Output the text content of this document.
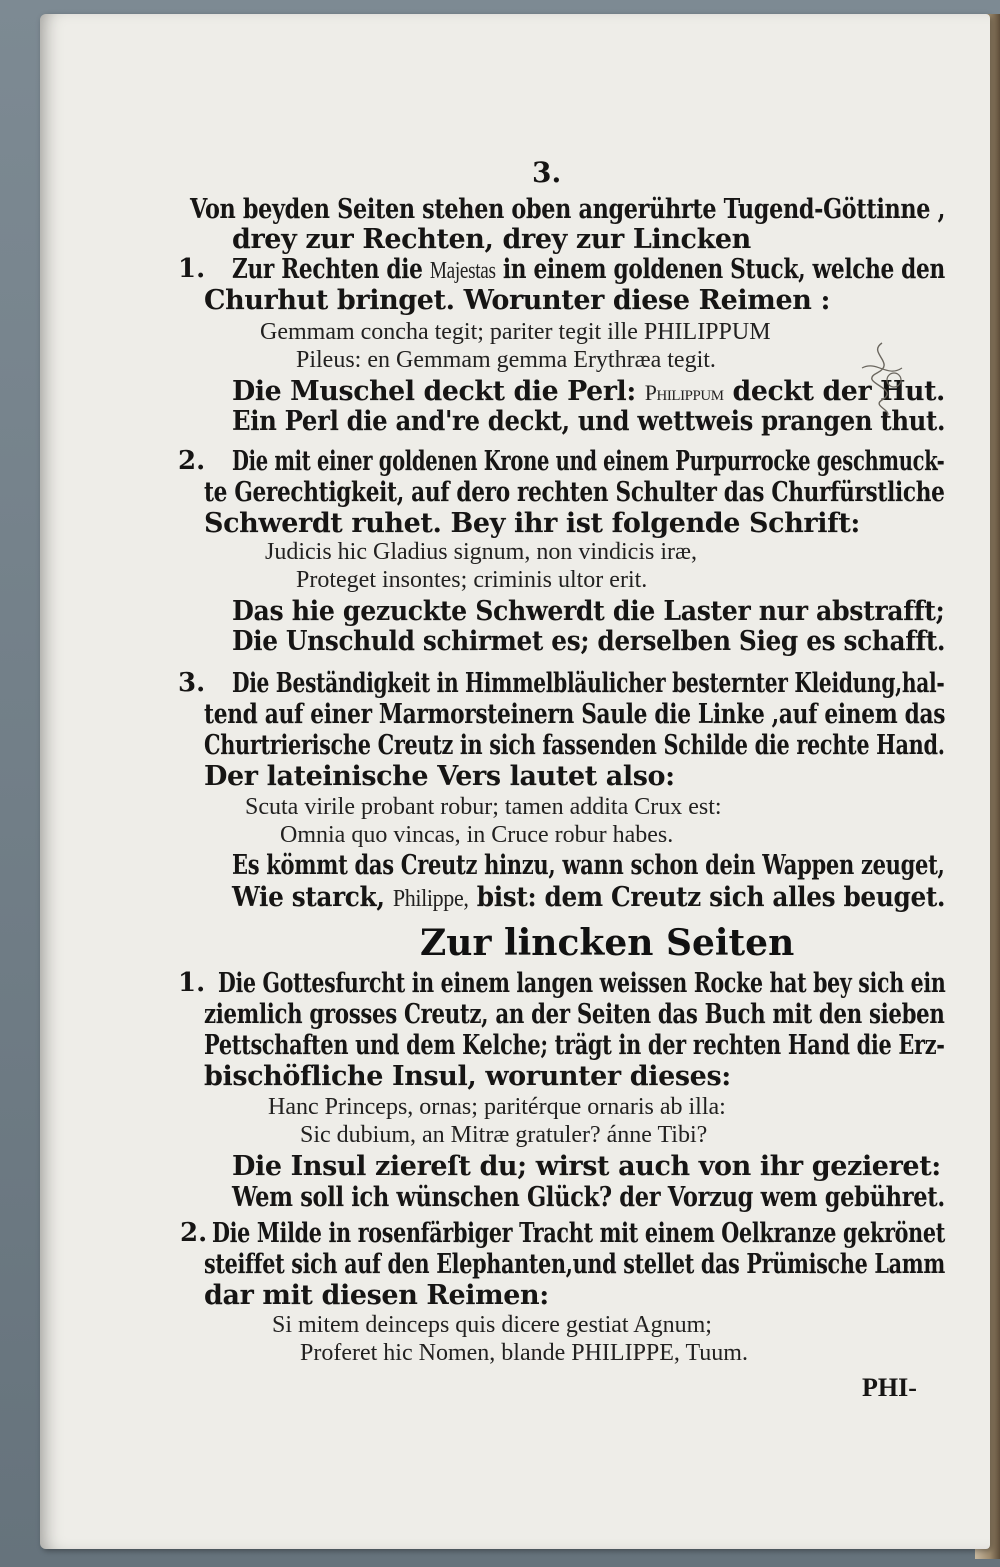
3.
Von beyden Seiten stehen oben angerührte Tugend-Göttinne ,
drey zur Rechten, drey zur Lincken
1. Zur Rechten die Majestas in einem goldenen Stuck, welche den
Churhut bringet. Worunter diese Reimen :
Gemmam concha tegit; pariter tegit ille PHILIPPUM
Pileus: en Gemmam gemma Erythræa tegit.
Die Muschel deckt die Perl: Philippum deckt der Hut.
Ein Perl die and're deckt, und wettweis prangen thut.
2. Die mit einer goldenen Krone und einem Purpurrocke geschmuck-
te Gerechtigkeit, auf dero rechten Schulter das Churfürstliche
Schwerdt ruhet. Bey ihr ist folgende Schrift:
Judicis hic Gladius signum, non vindicis iræ,
Proteget insontes; criminis ultor erit.
Das hie gezuckte Schwerdt die Laster nur abstrafft;
Die Unschuld schirmet es; derselben Sieg es schafft.
3. Die Beständigkeit in Himmelbläulicher besternter Kleidung,hal-
tend auf einer Marmorsteinern Saule die Linke ,auf einem das
Churtrierische Creutz in sich fassenden Schilde die rechte Hand.
Der lateinische Vers lautet also:
Scuta virile probant robur; tamen addita Crux est:
Omnia quo vincas, in Cruce robur habes.
Es kömmt das Creutz hinzu, wann schon dein Wappen zeuget,
Wie starck, Philippe, bist: dem Creutz sich alles beuget.
Zur lincken Seiten
1. Die Gottesfurcht in einem langen weissen Rocke hat bey sich ein
ziemlich grosses Creutz, an der Seiten das Buch mit den sieben
Pettschaften und dem Kelche; trägt in der rechten Hand die Erz-
bischöfliche Insul, worunter dieses:
Hanc Princeps, ornas; paritérque ornaris ab illa:
Sic dubium, an Mitræ gratuler? ánne Tibi?
Die Insul ziereſt du; wirst auch von ihr gezieret:
Wem soll ich wünschen Glück? der Vorzug wem gebühret.
2. Die Milde in rosenfärbiger Tracht mit einem Oelkranze gekrönet
steiffet sich auf den Elephanten,und stellet das Prümische Lamm
dar mit diesen Reimen:
Si mitem deinceps quis dicere gestiat Agnum;
Proferet hic Nomen, blande PHILIPPE, Tuum.
PHI-
